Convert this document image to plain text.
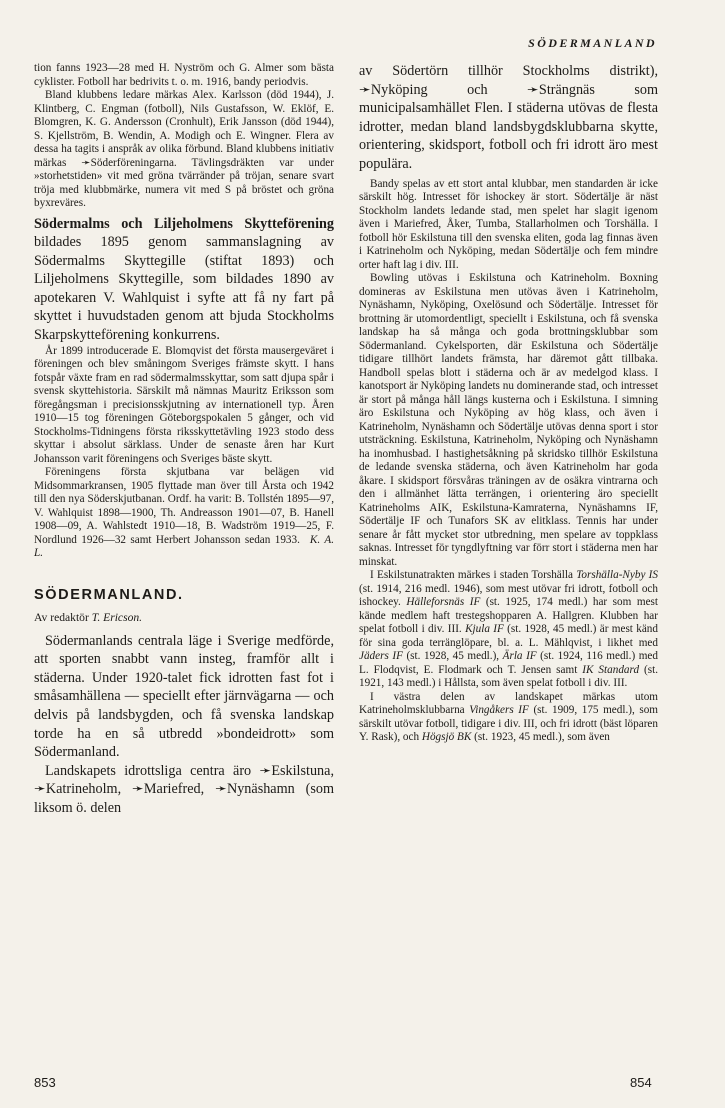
SÖDERMANLAND

tion fanns 1923—28 med H. Nyström och G. Almer som bästa cyklister. Fotboll har bedrivits t. o. m. 1916, bandy periodvis.

Bland klubbens ledare märkas Alex. Karlsson (död 1944), J. Klintberg, C. Engman (fotboll), Nils Gustafsson, W. Eklöf, E. Blomgren, K. G. Andersson (Cronhult), Erik Jansson (död 1944), S. Kjellström, B. Wendin, A. Modigh och E. Wingner. Flera av dessa ha tagits i anspråk av olika förbund. Bland klubbens initiativ märkas ➛Söderföreningarna. Tävlingsdräkten var under »storhetstiden» vit med gröna tvärränder på tröjan, senare svart tröja med klubbmärke, numera vit med S på bröstet och gröna byxreväres.

Södermalms och Liljeholmens Skytteförening bildades 1895 genom sammanslagning av Södermalms Skyttegille (stiftat 1893) och Liljeholmens Skyttegille, som bildades 1890 av apotekaren V. Wahlquist i syfte att få ny fart på skyttet i huvudstaden genom att bjuda Stockholms Skarpskytteförening konkurrens.

År 1899 introducerade E. Blomqvist det första mausergeväret i föreningen och blev småningom Sveriges främste skytt. I hans fotspår växte fram en rad södermalmsskyttar, som satt djupa spår i svensk skyttehistoria. Särskilt må nämnas Mauritz Eriksson som föregångsman i precisionsskjutning av internationell typ. Åren 1910—15 tog föreningen Göteborgspokalen 5 gånger, och vid Stockholms-Tidningens första riksskyttetävling 1923 stodo dess skyttar i absolut särklass. Under de senaste åren har Kurt Johansson varit föreningens och Sveriges bäste skytt.

Föreningens första skjutbana var belägen vid Midsommarkransen, 1905 flyttade man över till Årsta och 1942 till den nya Söderskjutbanan. Ordf. ha varit: B. Tollstén 1895—97, V. Wahlquist 1898—1900, Th. Andreasson 1901—07, B. Hanell 1908—09, A. Wahlstedt 1910—18, B. Wadström 1919—25, F. Nordlund 1926—32 samt Herbert Johansson sedan 1933. K. A. L.

SÖDERMANLAND.

Av redaktör T. Ericson.

Södermanlands centrala läge i Sverige medförde, att sporten snabbt vann insteg, framför allt i städerna. Under 1920-talet fick idrotten fast fot i småsamhällena — speciellt efter järnvägarna — och delvis på landsbygden, och få svenska landskap torde ha en så utbredd »bondeidrott» som Södermanland.

Landskapets idrottsliga centra äro ➛Eskilstuna, ➛Katrineholm, ➛Mariefred, ➛Nynäshamn (som liksom ö. delen

av Södertörn tillhör Stockholms distrikt), ➛Nyköping och ➛Strängnäs som municipalsamhället Flen. I städerna utövas de flesta idrotter, medan bland landsbygdsklubbarna skytte, orientering, skidsport, fotboll och fri idrott äro mest populära.

Bandy spelas av ett stort antal klubbar, men standarden är icke särskilt hög. Intresset för ishockey är stort. Södertälje är näst Stockholm landets ledande stad, men spelet har slagit igenom även i Mariefred, Åker, Tumba, Stallarholmen och Torshälla. I fotboll hör Eskilstuna till den svenska eliten, goda lag finnas även i Katrineholm och Nyköping, medan Södertälje och fem mindre orter haft lag i div. III.

Bowling utövas i Eskilstuna och Katrineholm. Boxning domineras av Eskilstuna men utövas även i Katrineholm, Nynäshamn, Nyköping, Oxelösund och Södertälje. Intresset för brottning är utomordentligt, speciellt i Eskilstuna, och få svenska landskap ha så många och goda brottningsklubbar som Södermanland. Cykelsporten, där Eskilstuna och Södertälje tidigare tillhört landets främsta, har däremot gått tillbaka. Handboll spelas blott i städerna och är av medelgod klass. I kanotsport är Nyköping landets nu dominerande stad, och intresset är stort på många håll längs kusterna och i Eskilstuna. I simning äro Eskilstuna och Nyköping av hög klass, och även i Katrineholm, Nynäshamn och Södertälje utövas denna sport i stor utsträckning. Eskilstuna, Katrineholm, Nyköping och Nynäshamn ha inomhusbad. I hastighetsåkning på skridsko tillhör Eskilstuna de ledande svenska städerna, och även Katrineholm har goda åkare. I skidsport försvåras träningen av de osäkra vintrarna och den i allmänhet lätta terrängen, i orientering äro speciellt Katrineholms AIK, Eskilstuna-Kamraterna, Nynäshamns IF, Södertälje IF och Tunafors SK av elitklass. Tennis har under senare år fått mycket stor utbredning, men spelare av toppklass saknas. Intresset för tyngdlyftning var förr stort i städerna men har minskat.

I Eskilstunatrakten märkes i staden Torshälla Torshälla-Nyby IS (st. 1914, 216 medl. 1946), som mest utövar fri idrott, fotboll och ishockey. Hälleforsnäs IF (st. 1925, 174 medl.) har som mest kände medlem haft trestegshopparen A. Hallgren. Klubben har spelat fotboll i div. III. Kjula IF (st. 1928, 45 medl.) är mest känd för sina goda terränglöpare, bl. a. L. Mählqvist, i likhet med Jäders IF (st. 1928, 45 medl.), Ärla IF (st. 1924, 116 medl.) med L. Flodqvist, E. Flodmark och T. Jensen samt IK Standard (st. 1921, 143 medl.) i Hållsta, som även spelat fotboll i div. III.

I västra delen av landskapet märkas utom Katrineholmsklubbarna Vingåkers IF (st. 1909, 175 medl.), som särskilt utövar fotboll, tidigare i div. III, och fri idrott (bäst löparen Y. Rask), och Högsjö BK (st. 1923, 45 medl.), som även

853	854
